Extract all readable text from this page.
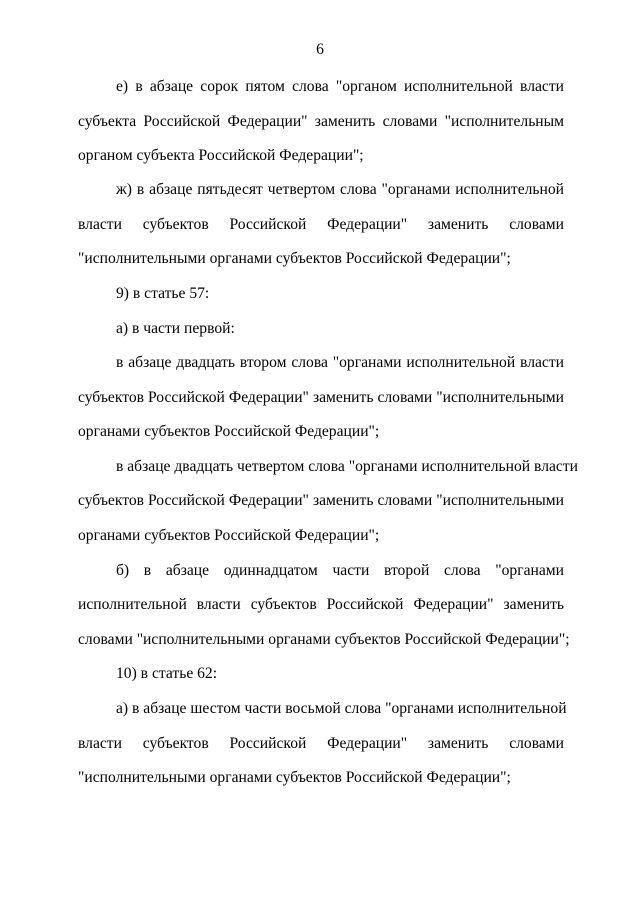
6
е) в абзаце сорок пятом слова "органом исполнительной власти
субъекта Российской Федерации" заменить словами "исполнительным
органом субъекта Российской Федерации";
ж) в абзаце пятьдесят четвертом слова "органами исполнительной
власти субъектов Российской Федерации" заменить словами
"исполнительными органами субъектов Российской Федерации";
9) в статье 57:
а) в части первой:
в абзаце двадцать втором слова "органами исполнительной власти
субъектов Российской Федерации" заменить словами "исполнительными
органами субъектов Российской Федерации";
в абзаце двадцать четвертом слова "органами исполнительной власти
субъектов Российской Федерации" заменить словами "исполнительными
органами субъектов Российской Федерации";
б) в абзаце одиннадцатом части второй слова "органами
исполнительной власти субъектов Российской Федерации" заменить
словами "исполнительными органами субъектов Российской Федерации";
10) в статье 62:
а) в абзаце шестом части восьмой слова "органами исполнительной
власти субъектов Российской Федерации" заменить словами
"исполнительными органами субъектов Российской Федерации";
